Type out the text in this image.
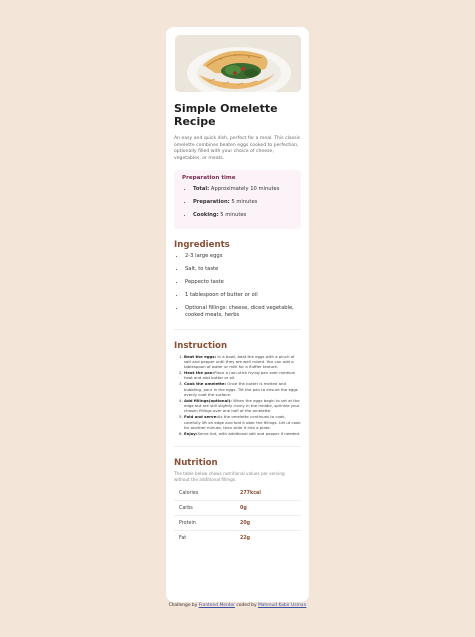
Simple Omelette Recipe

An easy and quick dish, perfect for a meal. This classic omelette combines beaten eggs cooked to perfection, optionally filled with your choice of cheese, vegetables, or meats.

Preparation time
• Total: Approximately 10 minutes
• Preparation: 5 minutes
• Cooking: 5 minutes
Ingredients
• 2-3 large eggs
• Salt, to taste
• Peppecto taste
• 1 tablespoon of butter or oil
• Optional fillings: cheese, diced vegetable, cooked meats, herbs
Instruction
1. Beat the eggs: In a bowl, beat the eggs with a pinch of salt and pepper until they are well mixed. You can add a tablespoon of water or milk for a fluffier texture.
2. Heat the pan:Place a non-stick frying pan over medium heat and add butter or oil.
3. Cook the omelette: Once the butter is melted and bubbling, pour in the eggs. Tilt the pan to ensure the eggs evenly coat the surface.
4. Add fillings(optional): When the eggs begin to set at the edge but are still slightly runny in the middle, sprinkle your chosen fillings over one half of the omelette.
5. Fold and serve:As the omelette continues to cook, carefully lift on edge and fold it ober the fillings. Let ut cook for another minute, then slide it into a plate.
6. Enjoy:Serve hot, with additional salt and pepper if needed.
Nutrition

The table below shows nutritional values per serving without the additional fillings.

Calories	277kcal
Carbs	0g
Protein	20g
Fat	22g
Challenge by Frontend Mentor coded by Mahmud Kabir Usman
